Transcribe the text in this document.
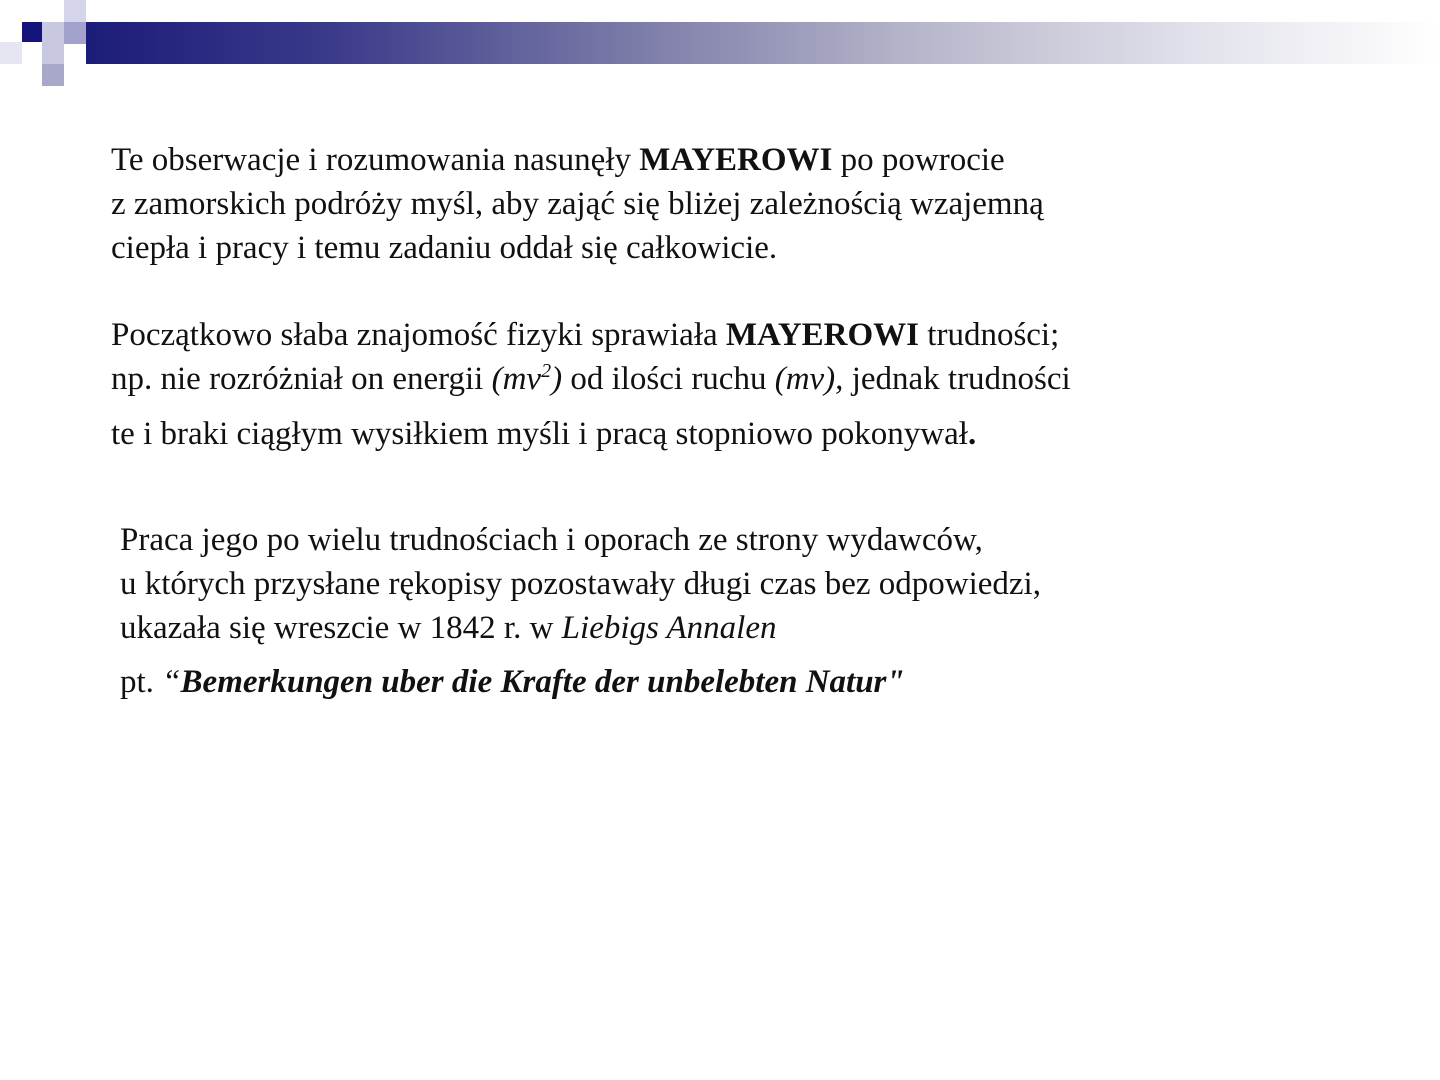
Te obserwacje i rozumowania nasunęły MAYEROWI po powrocie
z zamorskich podróży myśl, aby zająć się bliżej zależnością wzajemną
ciepła i pracy i temu zadaniu oddał się całkowicie.
Początkowo słaba znajomość fizyki sprawiała MAYEROWI trudności;
np. nie rozróżniał on energii $(mv^2)$ od ilości ruchu (mv), jednak trudności
te i braki ciągłym wysiłkiem myśli i pracą stopniowo pokonywał.
Praca jego po wielu trudnościach i oporach ze strony wydawców,
u których przysłane rękopisy pozostawały długi czas bez odpowiedzi,
ukazała się wreszcie w 1842 r. w Liebigs Annalen
pt. “Bemerkungen uber die Krafte der unbelebten Natur"
